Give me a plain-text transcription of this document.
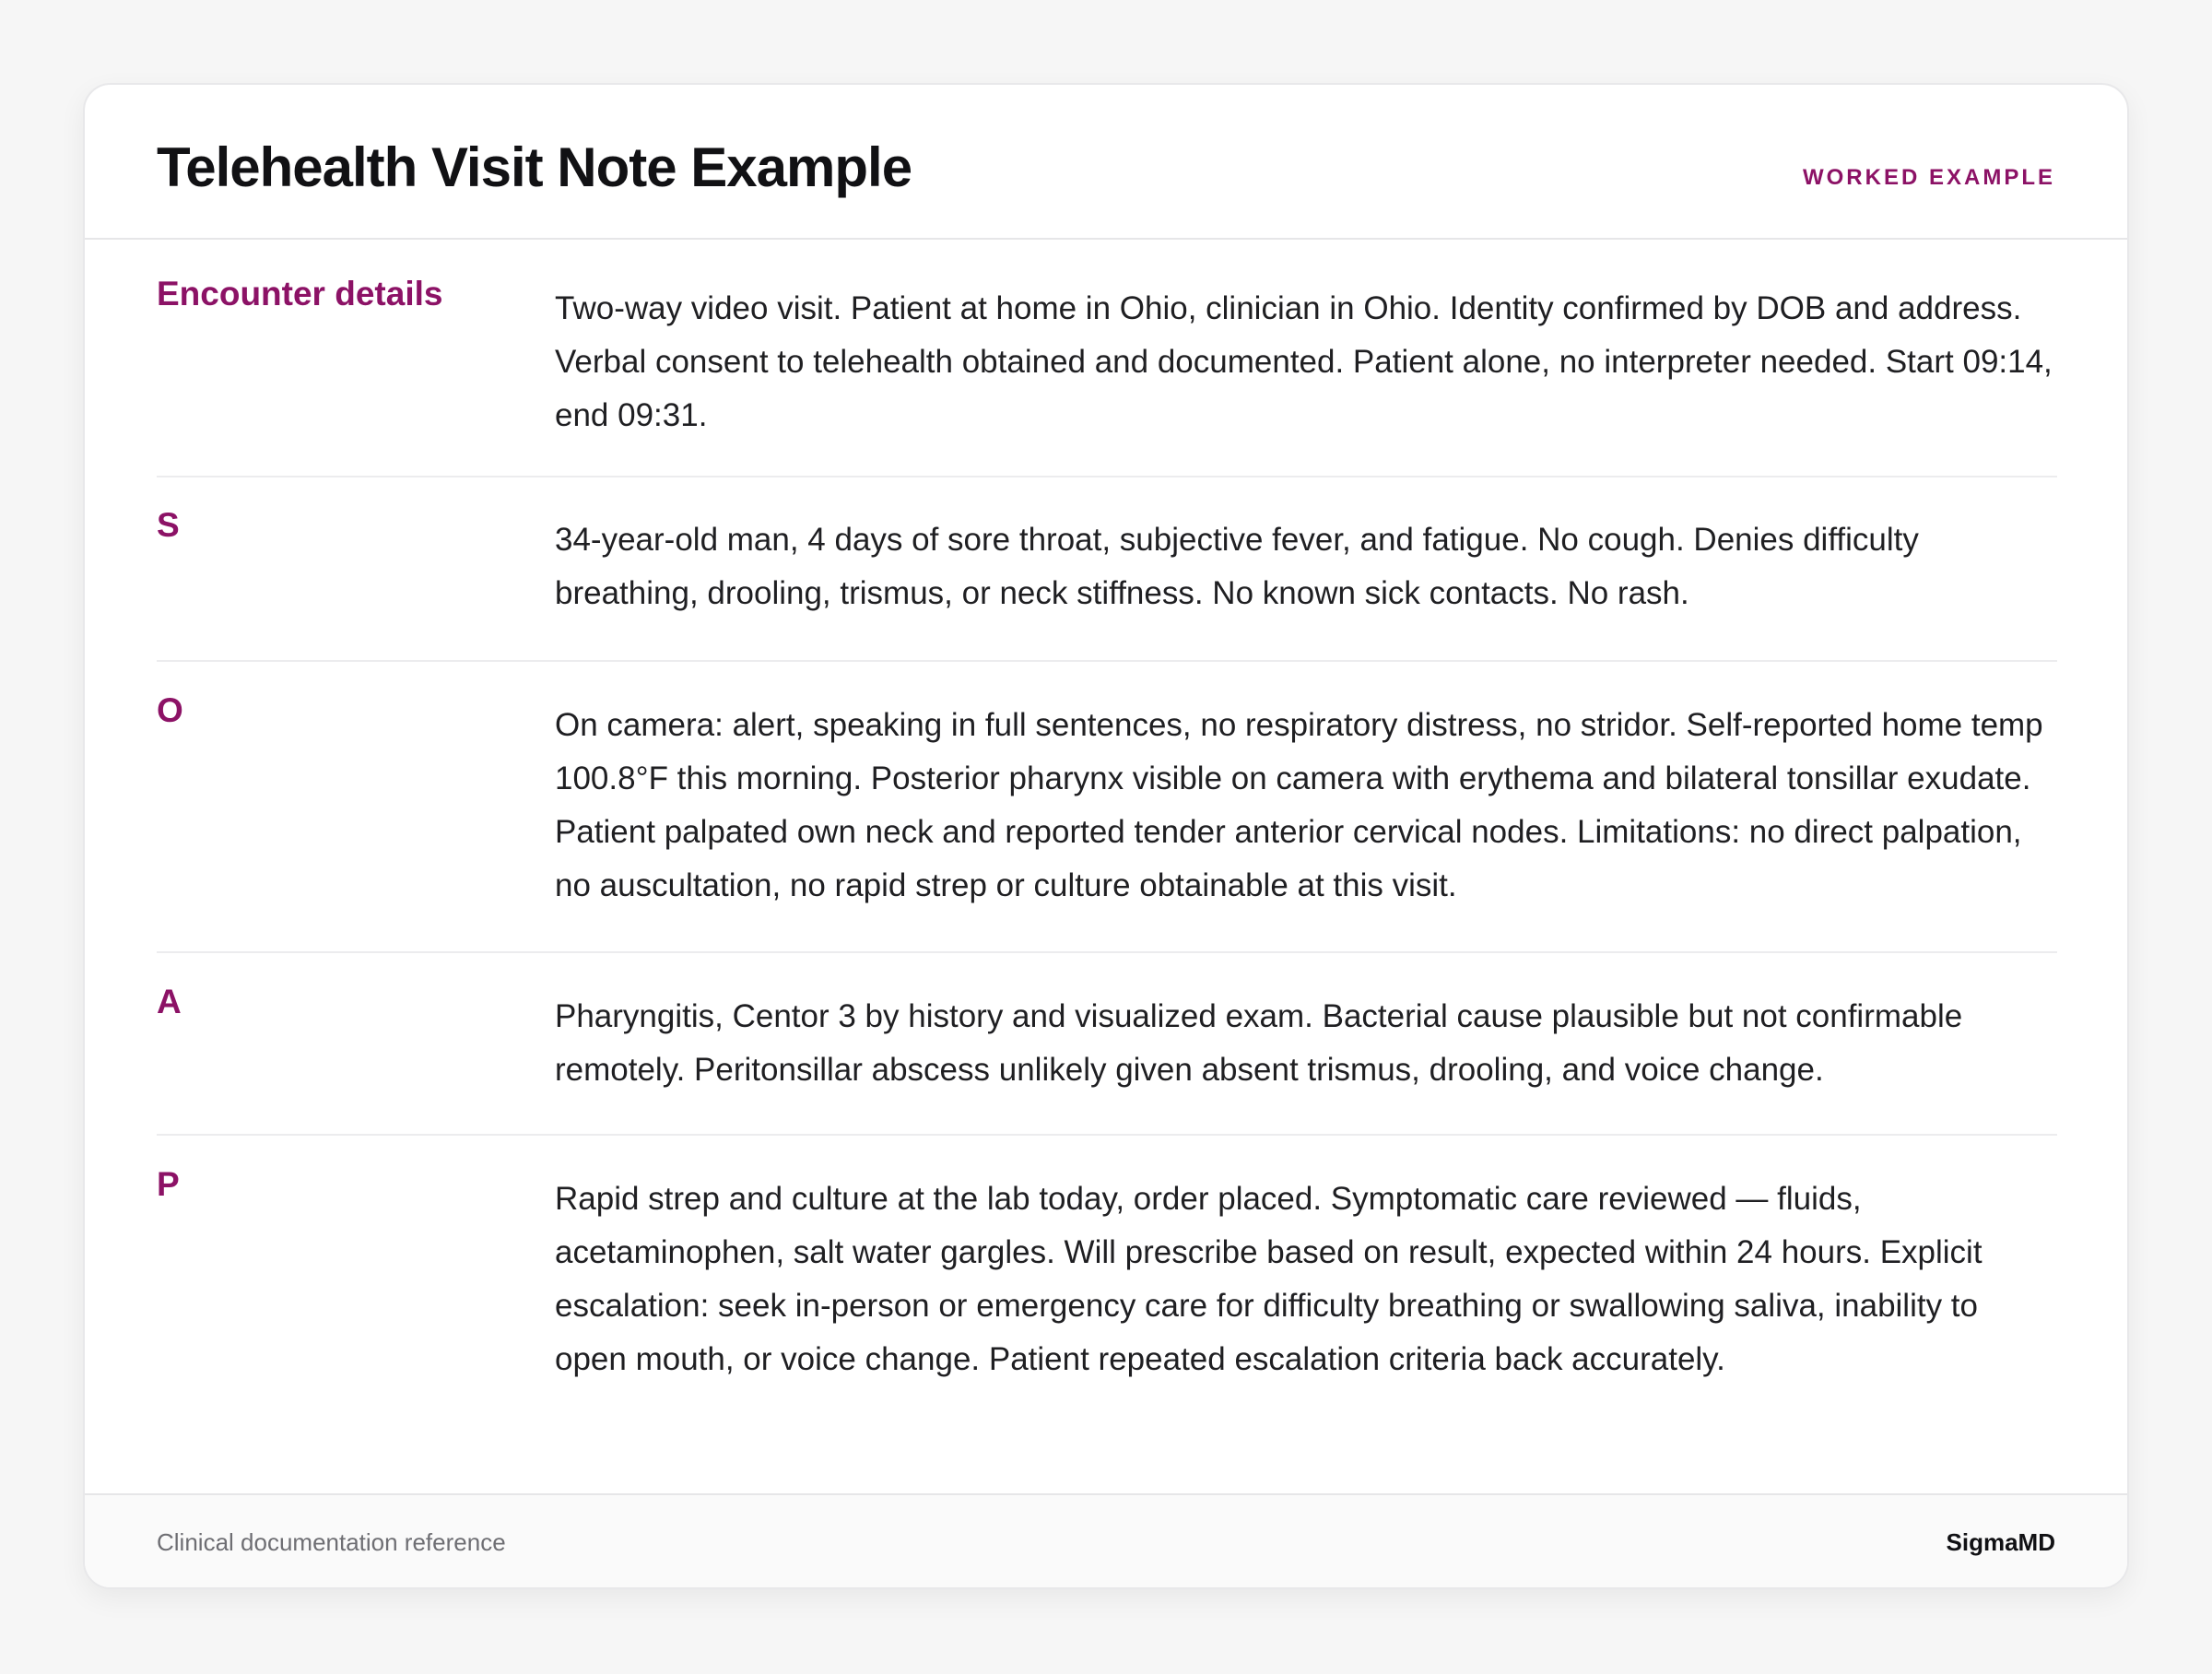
Telehealth Visit Note Example	WORKED EXAMPLE
Encounter details	Two-way video visit. Patient at home in Ohio, clinician in Ohio. Identity confirmed by DOB and address. Verbal consent to telehealth obtained and documented. Patient alone, no interpreter needed. Start 09:14, end 09:31.
S	34-year-old man, 4 days of sore throat, subjective fever, and fatigue. No cough. Denies difficulty breathing, drooling, trismus, or neck stiffness. No known sick contacts. No rash.
O	On camera: alert, speaking in full sentences, no respiratory distress, no stridor. Self-reported home temp 100.8°F this morning. Posterior pharynx visible on camera with erythema and bilateral tonsillar exudate. Patient palpated own neck and reported tender anterior cervical nodes. Limitations: no direct palpation, no auscultation, no rapid strep or culture obtainable at this visit.
A	Pharyngitis, Centor 3 by history and visualized exam. Bacterial cause plausible but not confirmable remotely. Peritonsillar abscess unlikely given absent trismus, drooling, and voice change.
P	Rapid strep and culture at the lab today, order placed. Symptomatic care reviewed — fluids, acetaminophen, salt water gargles. Will prescribe based on result, expected within 24 hours. Explicit escalation: seek in-person or emergency care for difficulty breathing or swallowing saliva, inability to open mouth, or voice change. Patient repeated escalation criteria back accurately.
Clinical documentation reference	SigmaMD
